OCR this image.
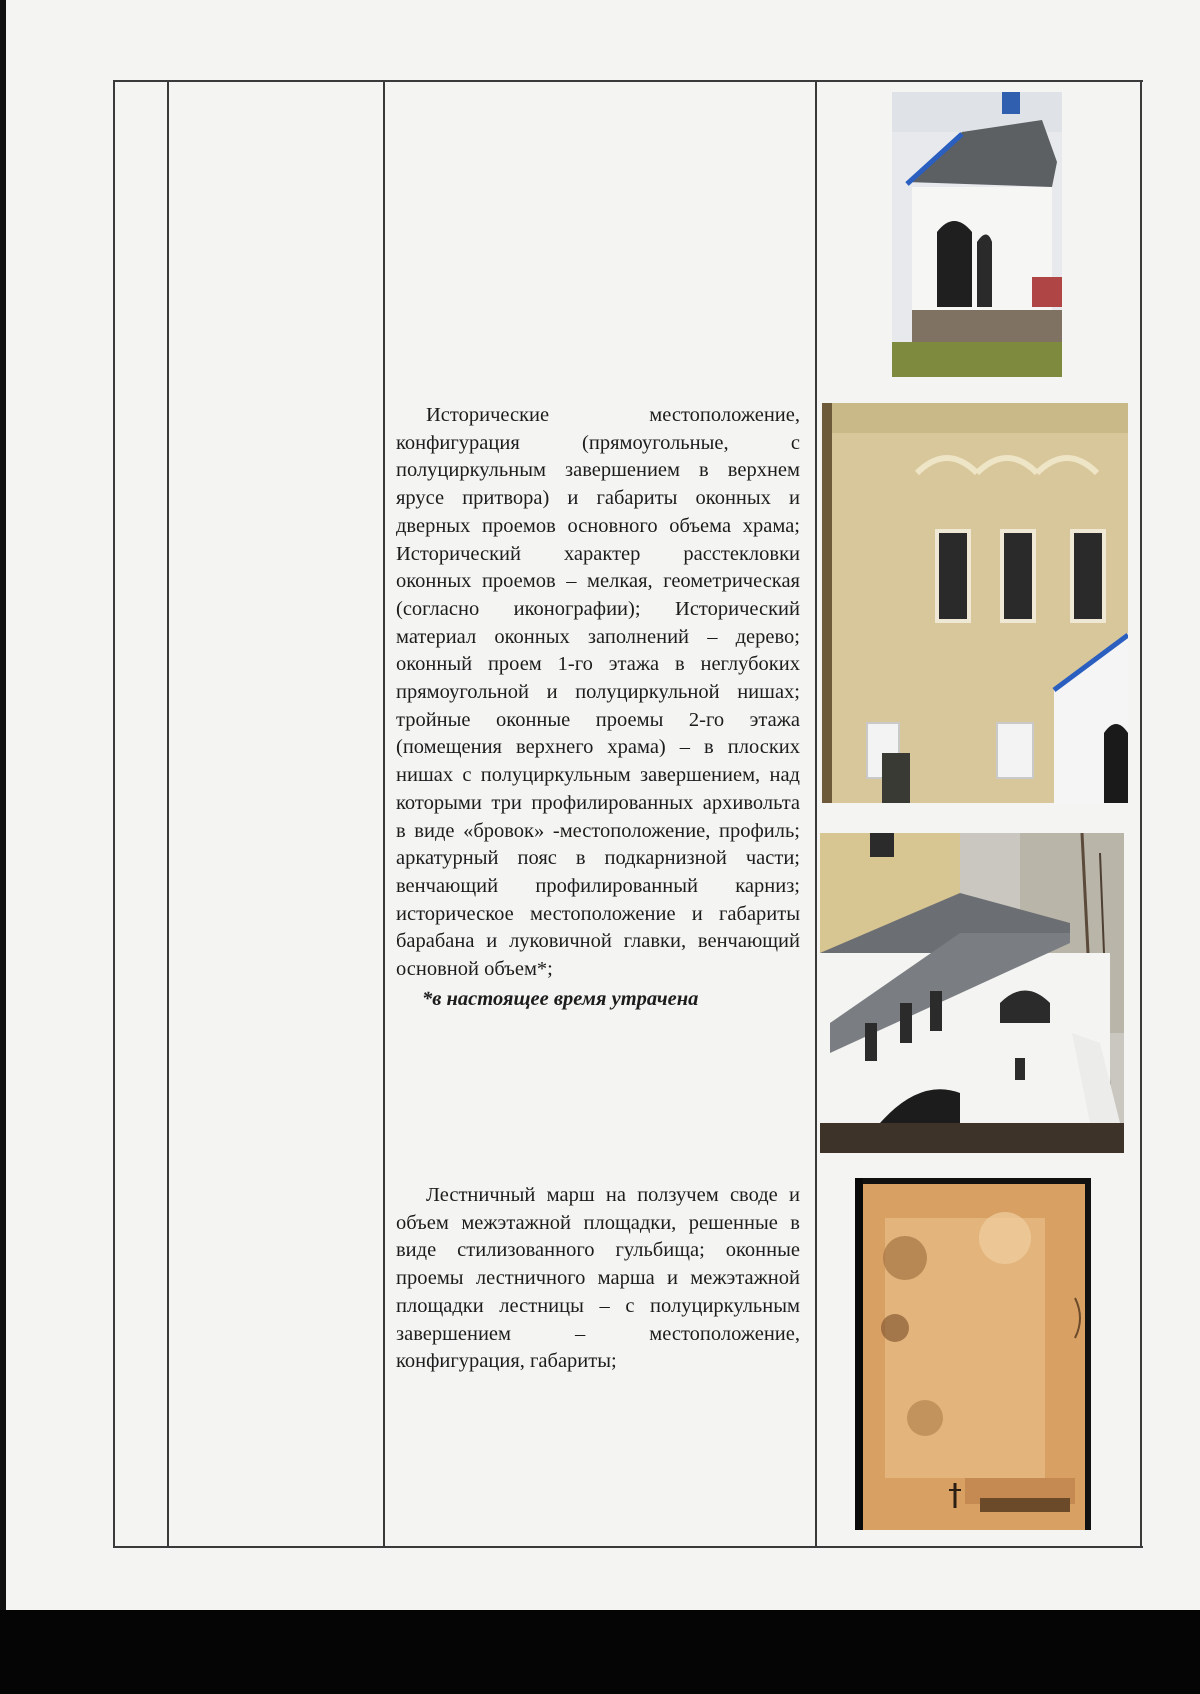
Исторические местоположение, конфигурация (прямоугольные, с полуциркульным завершением в верхнем ярусе притвора) и габариты оконных и дверных проемов основного объема храма; Исторический характер расстекловки оконных проемов – мелкая, геометрическая (согласно иконографии); Исторический материал оконных заполнений – дерево; оконный проем 1-го этажа в неглубоких прямоугольной и полуциркульной нишах; тройные оконные проемы 2-го этажа (помещения верхнего храма) – в плоских нишах с полуциркульным завершением, над которыми три профилированных архивольта в виде «бровок» -местоположение, профиль; аркатурный пояс в подкарнизной части; венчающий профилированный карниз; историческое местоположение и габариты барабана и луковичной главки, венчающий основной объем*;

*в настоящее время утрачена

Лестничный марш на ползучем своде и объем межэтажной площадки, решенные в виде стилизованного гульбища; оконные проемы лестничного марша и межэтажной площадки лестницы – с полуциркульным завершением – местоположение, конфигурация, габариты;
